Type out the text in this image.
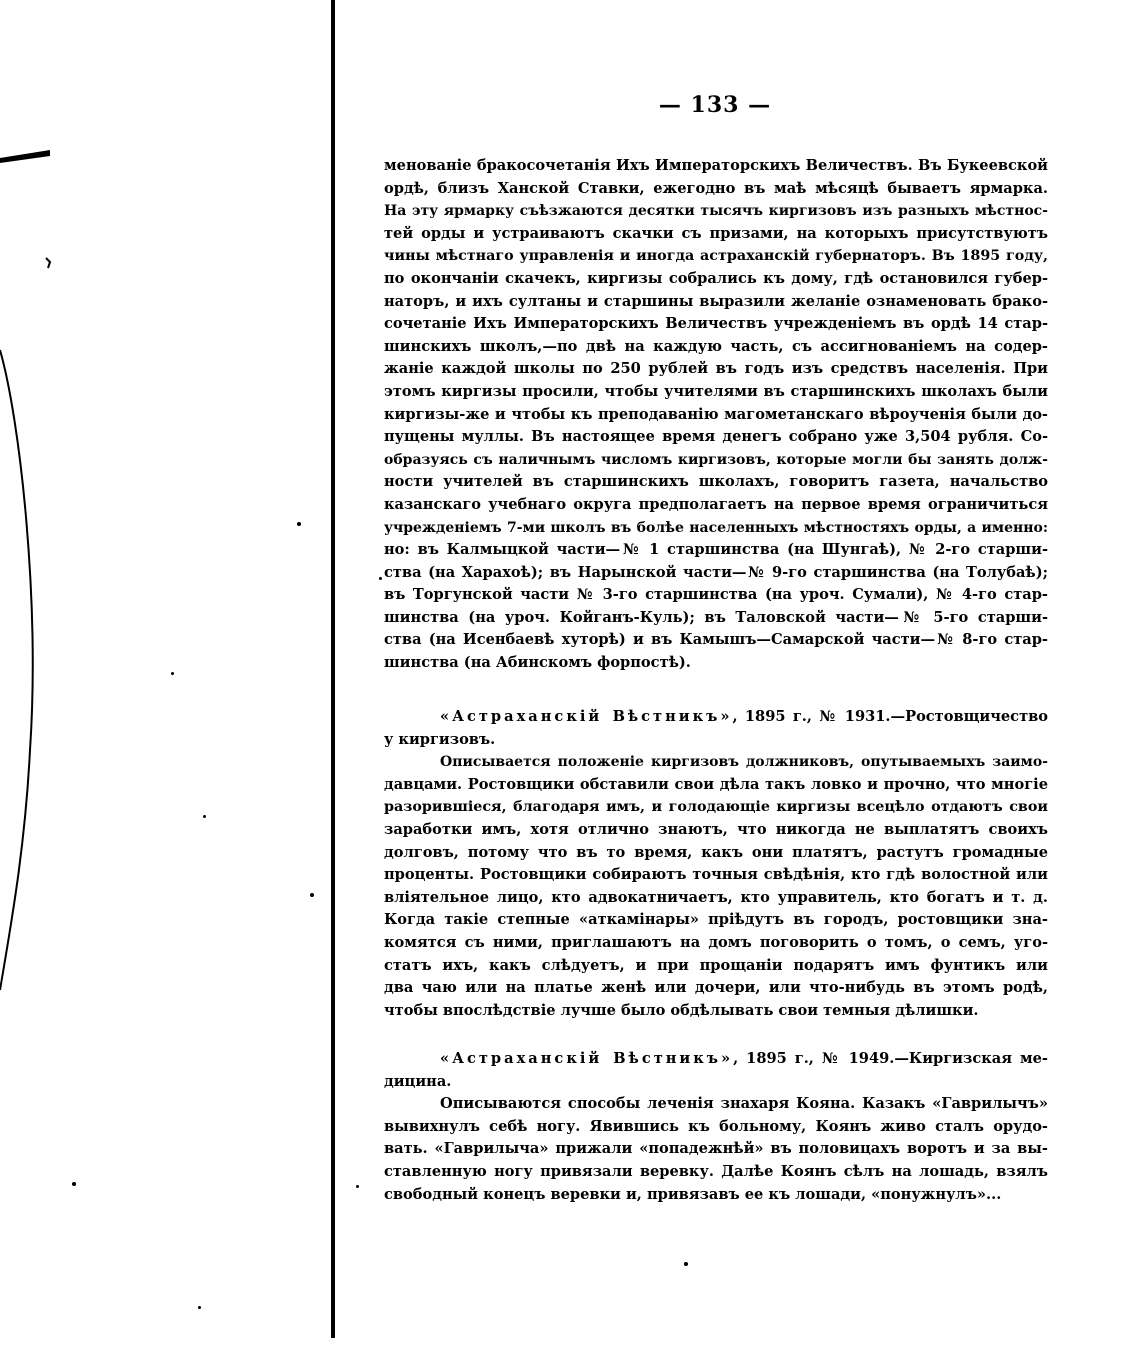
— 133 —
менованіе бракосочетанія Ихъ Императорскихъ Величествъ. Въ Букеевской
ордѣ, близъ Ханской Ставки, ежегодно въ маѣ мѣсяцѣ бываетъ ярмарка.
На эту ярмарку съѣзжаются десятки тысячъ киргизовъ изъ разныхъ мѣстнос-
тей орды и устраиваютъ скачки съ призами, на которыхъ присутствуютъ
чины мѣстнаго управленія и иногда астраханскій губернаторъ. Въ 1895 году,
по окончаніи скачекъ, киргизы собрались къ дому, гдѣ остановился губер-
наторъ, и ихъ султаны и старшины выразили желаніе ознаменовать брако-
сочетаніе Ихъ Императорскихъ Величествъ учрежденіемъ въ ордѣ 14 стар-
шинскихъ школъ,—по двѣ на каждую часть, съ ассигнованіемъ на содер-
жаніе каждой школы по 250 рублей въ годъ изъ средствъ населенія. При
этомъ киргизы просили, чтобы учителями въ старшинскихъ школахъ были
киргизы-же и чтобы къ преподаванію магометанскаго вѣроученія были до-
пущены муллы. Въ настоящее время денегъ собрано уже 3,504 рубля. Со-
образуясь съ наличнымъ числомъ киргизовъ, которые могли бы занять долж-
ности учителей въ старшинскихъ школахъ, говоритъ газета, начальство
казанскаго учебнаго округа предполагаетъ на первое время ограничиться
учрежденіемъ 7-ми школъ въ болѣе населенныхъ мѣстностяхъ орды, а именно:
но: въ Калмыцкой части—№ 1 старшинства (на Шунгаѣ), № 2-го старши-
ства (на Харахоѣ); въ Нарынской части—№ 9-го старшинства (на Толубаѣ);
въ Торгунской части № 3-го старшинства (на уроч. Сумали), № 4-го стар-
шинства (на уроч. Койганъ-Куль); въ Таловской части—№ 5-го старши-
ства (на Исенбаевѣ хуторѣ) и въ Камышъ—Самарской части—№ 8-го стар-
шинства (на Абинскомъ форпостѣ).
«Астраханскій Вѣстникъ», 1895 г., № 1931.—Ростовщичество
у киргизовъ.
Описывается положеніе киргизовъ должниковъ, опутываемыхъ заимо-
давцами. Ростовщики обставили свои дѣла такъ ловко и прочно, что многіе
разорившіеся, благодаря имъ, и голодающіе киргизы всецѣло отдаютъ свои
заработки имъ, хотя отлично знаютъ, что никогда не выплатятъ своихъ
долговъ, потому что въ то время, какъ они платятъ, растутъ громадные
проценты. Ростовщики собираютъ точныя свѣдѣнія, кто гдѣ волостной или
вліятельное лицо, кто адвокатничаетъ, кто управитель, кто богатъ и т. д.
Когда такіе степные «аткамінары» пріѣдутъ въ городъ, ростовщики зна-
комятся съ ними, приглашаютъ на домъ поговорить о томъ, о семъ, уго-
статъ ихъ, какъ слѣдуетъ, и при прощаніи подарятъ имъ фунтикъ или
два чаю или на платье женѣ или дочери, или что-нибудь въ этомъ родѣ,
чтобы впослѣдствіе лучше было обдѣлывать свои темныя дѣлишки.
«Астраханскій Вѣстникъ», 1895 г., № 1949.—Киргизская ме-
дицина.
Описываются способы леченія знахаря Кояна. Казакъ «Гаврилычъ»
вывихнулъ себѣ ногу. Явившись къ больному, Коянъ живо сталъ орудо-
вать. «Гаврилыча» прижали «попадежнѣй» въ половицахъ воротъ и за вы-
ставленную ногу привязали веревку. Далѣе Коянъ сѣлъ на лошадь, взялъ
свободный конецъ веревки и, привязавъ ее къ лошади, «понужнулъ»...
